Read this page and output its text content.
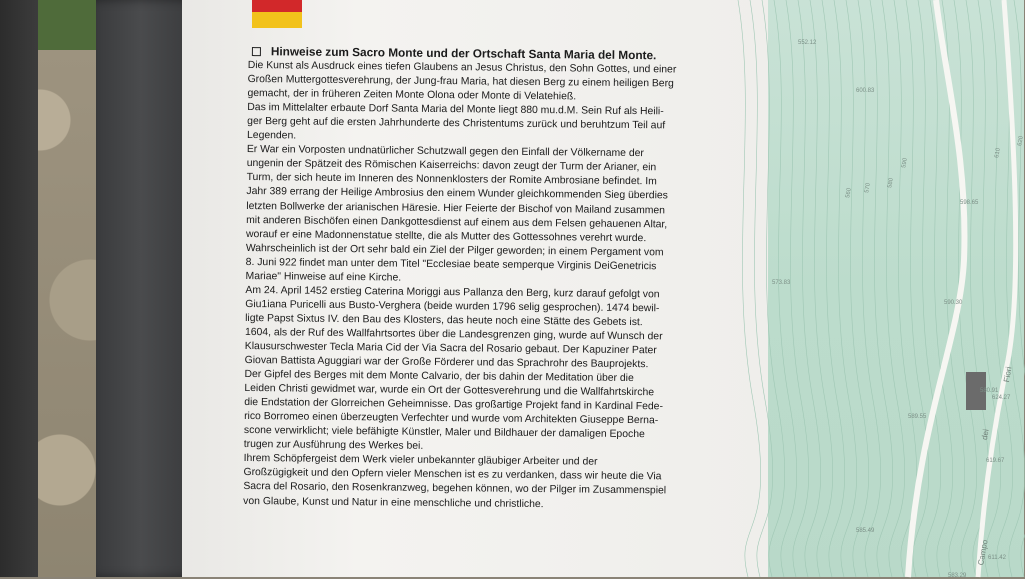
Hinweise zum Sacro Monte und der Ortschaft Santa Maria del Monte.
Die Kunst als Ausdruck eines tiefen Glaubens an Jesus Christus, den Sohn Gottes, und einer
Großen Muttergottesverehrung, der Jung-frau Maria, hat diesen Berg zu einem heiligen Berg
gemacht, der in früheren Zeiten Monte Olona oder Monte di Velatehieß.
Das im Mittelalter erbaute Dorf Santa Maria del Monte liegt 880 mu.d.M. Sein Ruf als Heili-
ger Berg geht auf die ersten Jahrhunderte des Christentums zurück und beruhtzum Teil auf
Legenden.
Er War ein Vorposten undnatürlicher Schutzwall gegen den Einfall der Völkername der
ungenin der Spätzeit des Römischen Kaiserreichs: davon zeugt der Turm der Arianer, ein
Turm, der sich heute im Inneren des Nonnenklosters der Romite Ambrosiane befindet. Im
Jahr 389 errang der Heilige Ambrosius den einem Wunder gleichkommenden Sieg überdies
letzten Bollwerke der arianischen Häresie. Hier Feierte der Bischof von Mailand zusammen
mit anderen Bischöfen einen Dankgottesdienst auf einem aus dem Felsen gehauenen Altar,
worauf er eine Madonnenstatue stellte, die als Mutter des Gottessohnes verehrt wurde.
Wahrscheinlich ist der Ort sehr bald ein Ziel der Pilger geworden; in einem Pergament vom
8. Juni 922 findet man unter dem Titel "Ecclesiae beate semperque Virginis DeiGenetricis
Mariae" Hinweise auf eine Kirche.
Am 24. April 1452 erstieg Caterina Moriggi aus Pallanza den Berg, kurz darauf gefolgt von
Giu1iana Puricelli aus Busto-Verghera (beide wurden 1796 selig gesprochen). 1474 bewil-
ligte Papst Sixtus IV. den Bau des Klosters, das heute noch eine Stätte des Gebets ist.
1604, als der Ruf des Wallfahrtsortes über die Landesgrenzen ging, wurde auf Wunsch der
Klausurschwester Tecla Maria Cid der Via Sacra del Rosario gebaut. Der Kapuziner Pater
Giovan Battista Aguggiari war der Große Förderer und das Sprachrohr des Bauprojekts.
Der Gipfel des Berges mit dem Monte Calvario, der bis dahin der Meditation über die
Leiden Christi gewidmet war, wurde ein Ort der Gottesverehrung und die Wallfahrtskirche
die Endstation der Glorreichen Geheimnisse. Das großartige Projekt fand in Kardinal Fede-
rico Borromeo einen überzeugten Verfechter und wurde vom Architekten Giuseppe Berna-
scone verwirklicht; viele befähigte Künstler, Maler und Bildhauer der damaligen Epoche
trugen zur Ausführung des Werkes bei.
Ihrem Schöpfergeist dem Werk vieler unbekannter gläubiger Arbeiter und der
Großzügigkeit und den Opfern vieler Menschen ist es zu verdanken, dass wir heute die Via
Sacra del Rosario, den Rosenkranzweg, begehen können, wo der Pilger im Zusammenspiel
von Glaube, Kunst und Natur in eine menschliche und christliche.
552.12
600.83
610
620
590
580
570
560
598.65
573.83
590.30
580.91
589.55
624.27
619.67
585.49
611.42
583.29
Campo
dei
Fiori
